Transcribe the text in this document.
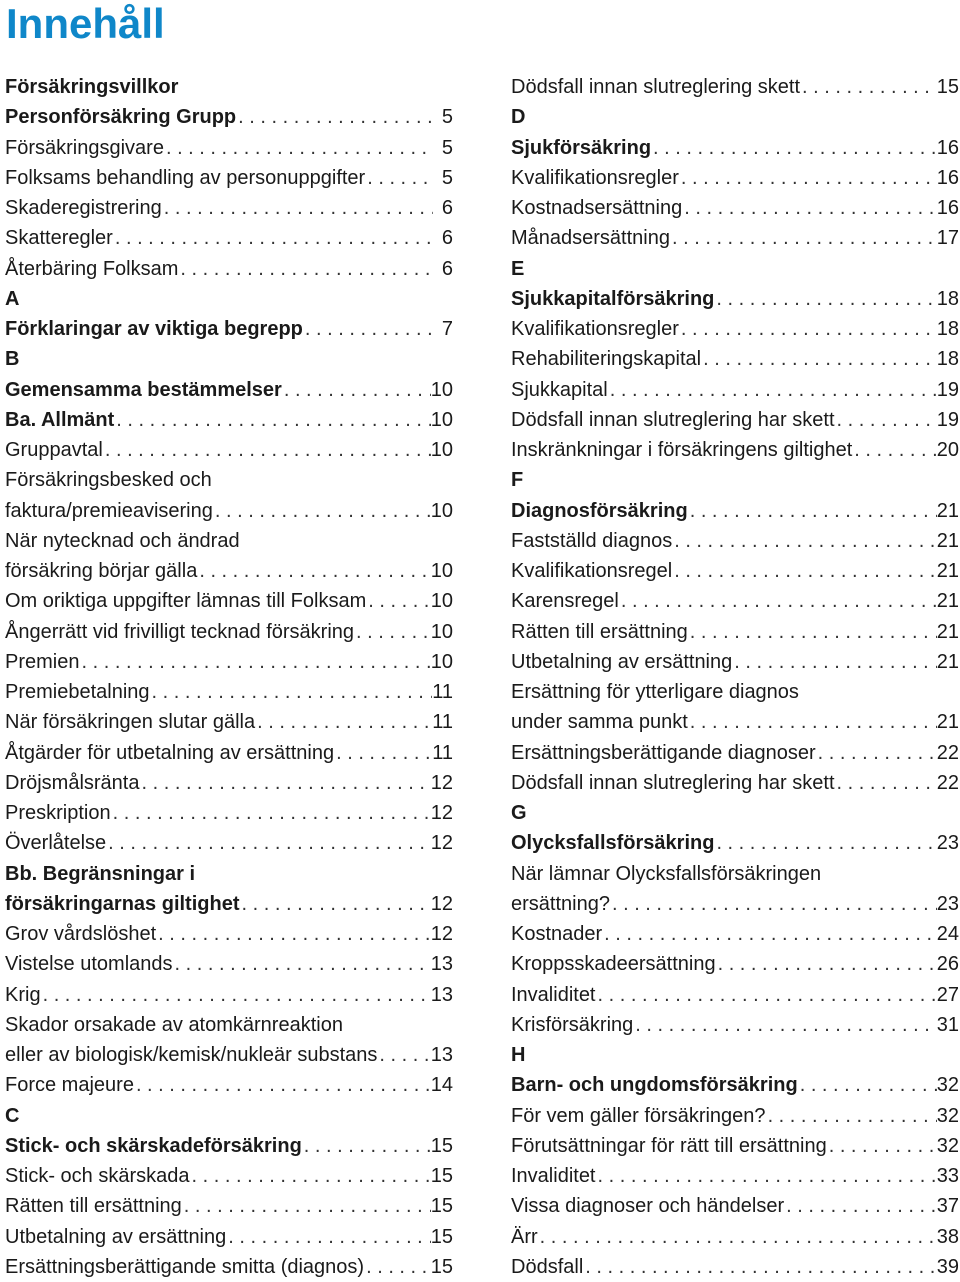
Innehåll
Försäkringsvillkor
Personförsäkring Grupp . . .	5
Försäkringsgivare . . .	5
Folksams behandling av personuppgifter . . .	5
Skaderegistrering . . .	6
Skatteregler . . .	6
Återbäring Folksam . . .	6
A
Förklaringar av viktiga begrepp . . .	7
B
Gemensamma bestämmelser . . .	10
Ba. Allmänt . . .	10
Gruppavtal . . .	10
Försäkringsbesked och
faktura/premieavisering . . .	10
När nytecknad och ändrad
försäkring börjar gälla . . .	10
Om oriktiga uppgifter lämnas till Folksam . . .	10
Ångerrätt vid frivilligt tecknad försäkring . . .	10
Premien . . .	10
Premiebetalning . . .	11
När försäkringen slutar gälla . . .	11
Åtgärder för utbetalning av ersättning . . .	11
Dröjsmålsränta . . .	12
Preskription . . .	12
Överlåtelse . . .	12
Bb. Begränsningar i
försäkringarnas giltighet . . .	12
Grov vårdslöshet . . .	12
Vistelse utomlands . . .	13
Krig . . .	13
Skador orsakade av atomkärnreaktion
eller av biologisk/kemisk/nukleär substans . . .	13
Force majeure . . .	14
C
Stick- och skärskadeförsäkring . . .	15
Stick- och skärskada . . .	15
Rätten till ersättning . . .	15
Utbetalning av ersättning . . .	15
Ersättningsberättigande smitta (diagnos) . . .	15
Dödsfall innan slutreglering skett . . .	15
D
Sjukförsäkring . . .	16
Kvalifikationsregler . . .	16
Kostnadsersättning . . .	16
Månadsersättning . . .	17
E
Sjukkapitalförsäkring . . .	18
Kvalifikationsregler . . .	18
Rehabiliteringskapital . . .	18
Sjukkapital . . .	19
Dödsfall innan slutreglering har skett . . .	19
Inskränkningar i försäkringens giltighet . . .	20
F
Diagnosförsäkring . . .	21
Fastställd diagnos . . .	21
Kvalifikationsregel . . .	21
Karensregel . . .	21
Rätten till ersättning . . .	21
Utbetalning av ersättning . . .	21
Ersättning för ytterligare diagnos
under samma punkt . . .	21
Ersättningsberättigande diagnoser . . .	22
Dödsfall innan slutreglering har skett . . .	22
G
Olycksfallsförsäkring . . .	23
När lämnar Olycksfallsförsäkringen
ersättning? . . .	23
Kostnader . . .	24
Kroppsskadeersättning . . .	26
Invaliditet . . .	27
Krisförsäkring . . .	31
H
Barn- och ungdomsförsäkring . . .	32
För vem gäller försäkringen? . . .	32
Förutsättningar för rätt till ersättning . . .	32
Invaliditet . . .	33
Vissa diagnoser och händelser . . .	37
Ärr . . .	38
Dödsfall . . .	39
